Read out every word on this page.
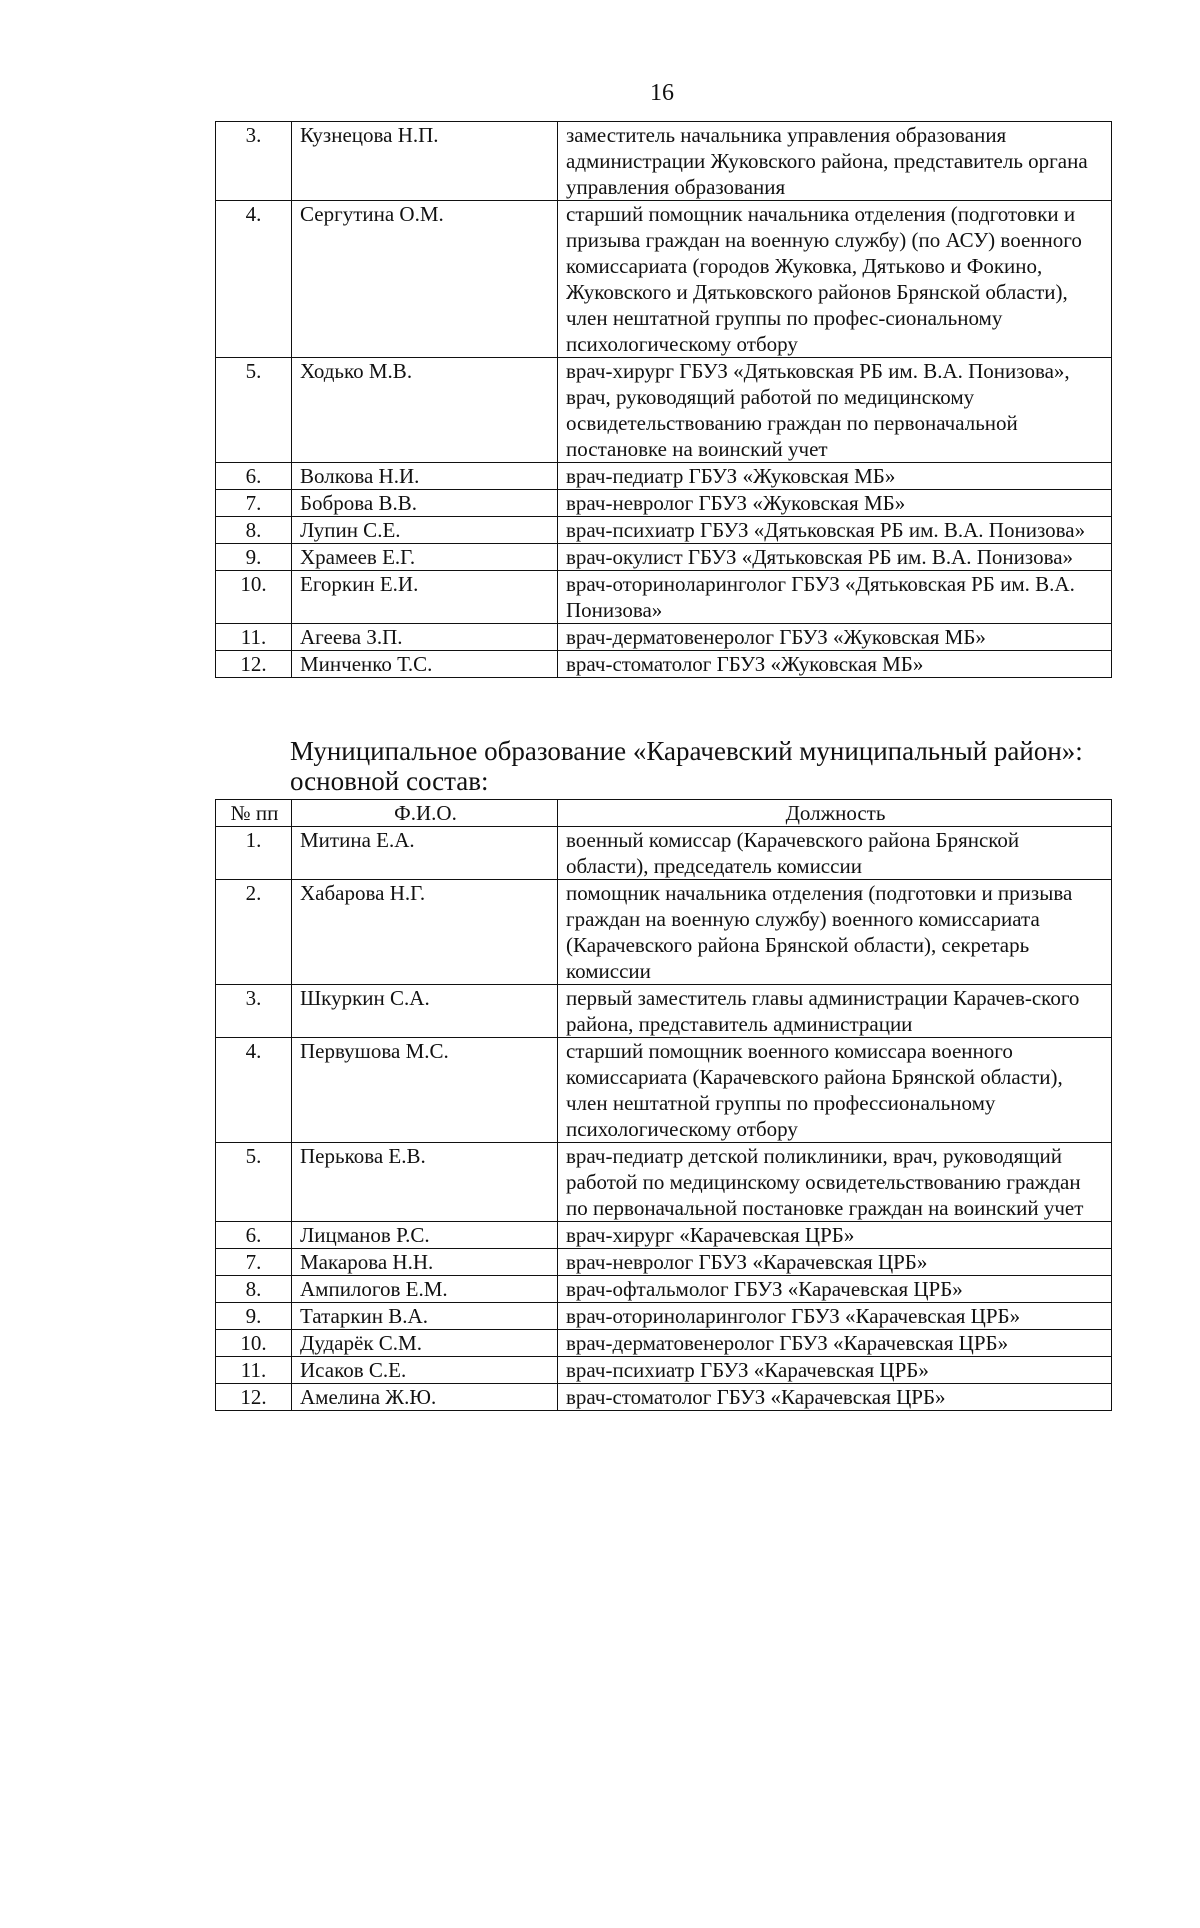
16
3.	Кузнецова Н.П.	заместитель начальника управления образования администрации Жуковского района, представитель органа управления образования
4.	Сергутина О.М.	старший помощник начальника отделения (подготовки и призыва граждан на военную службу) (по АСУ) военного комиссариата (городов Жуковка, Дятьково и Фокино, Жуковского и Дятьковского районов Брянской области), член нештатной группы по профес-сиональному психологическому отбору
5.	Ходько М.В.	врач-хирург ГБУЗ «Дятьковская РБ им. В.А. Понизова», врач, руководящий работой по медицинскому освидетельствованию граждан по первоначальной постановке на воинский учет
6.	Волкова Н.И.	врач-педиатр ГБУЗ «Жуковская МБ»
7.	Боброва В.В.	врач-невролог ГБУЗ «Жуковская МБ»
8.	Лупин С.Е.	врач-психиатр ГБУЗ «Дятьковская РБ им. В.А. Понизова»
9.	Храмеев Е.Г.	врач-окулист ГБУЗ «Дятьковская РБ им. В.А. Понизова»
10.	Егоркин Е.И.	врач-оториноларинголог ГБУЗ «Дятьковская РБ им. В.А. Понизова»
11.	Агеева З.П.	врач-дерматовенеролог ГБУЗ «Жуковская МБ»
12.	Минченко Т.С.	врач-стоматолог ГБУЗ «Жуковская МБ»
Муниципальное образование «Карачевский муниципальный район»:
основной состав:
№ пп	Ф.И.О.	Должность
1.	Митина Е.А.	военный комиссар (Карачевского района Брянской области), председатель комиссии
2.	Хабарова Н.Г.	помощник начальника отделения (подготовки и призыва граждан на военную службу) военного комиссариата (Карачевского района Брянской области), секретарь комиссии
3.	Шкуркин С.А.	первый заместитель главы администрации Карачев-ского района, представитель администрации
4.	Первушова М.С.	старший помощник военного комиссара военного комиссариата (Карачевского района Брянской области), член нештатной группы по профессиональному психологическому отбору
5.	Перькова Е.В.	врач-педиатр детской поликлиники, врач, руководящий работой по медицинскому освидетельствованию граждан по первоначальной постановке граждан на воинский учет
6.	Лицманов Р.С.	врач-хирург «Карачевская ЦРБ»
7.	Макарова Н.Н.	врач-невролог ГБУЗ «Карачевская ЦРБ»
8.	Ампилогов Е.М.	врач-офтальмолог ГБУЗ «Карачевская ЦРБ»
9.	Татаркин В.А.	врач-оториноларинголог ГБУЗ «Карачевская ЦРБ»
10.	Дударёк С.М.	врач-дерматовенеролог ГБУЗ «Карачевская ЦРБ»
11.	Исаков С.Е.	врач-психиатр ГБУЗ «Карачевская ЦРБ»
12.	Амелина Ж.Ю.	врач-стоматолог ГБУЗ «Карачевская ЦРБ»
